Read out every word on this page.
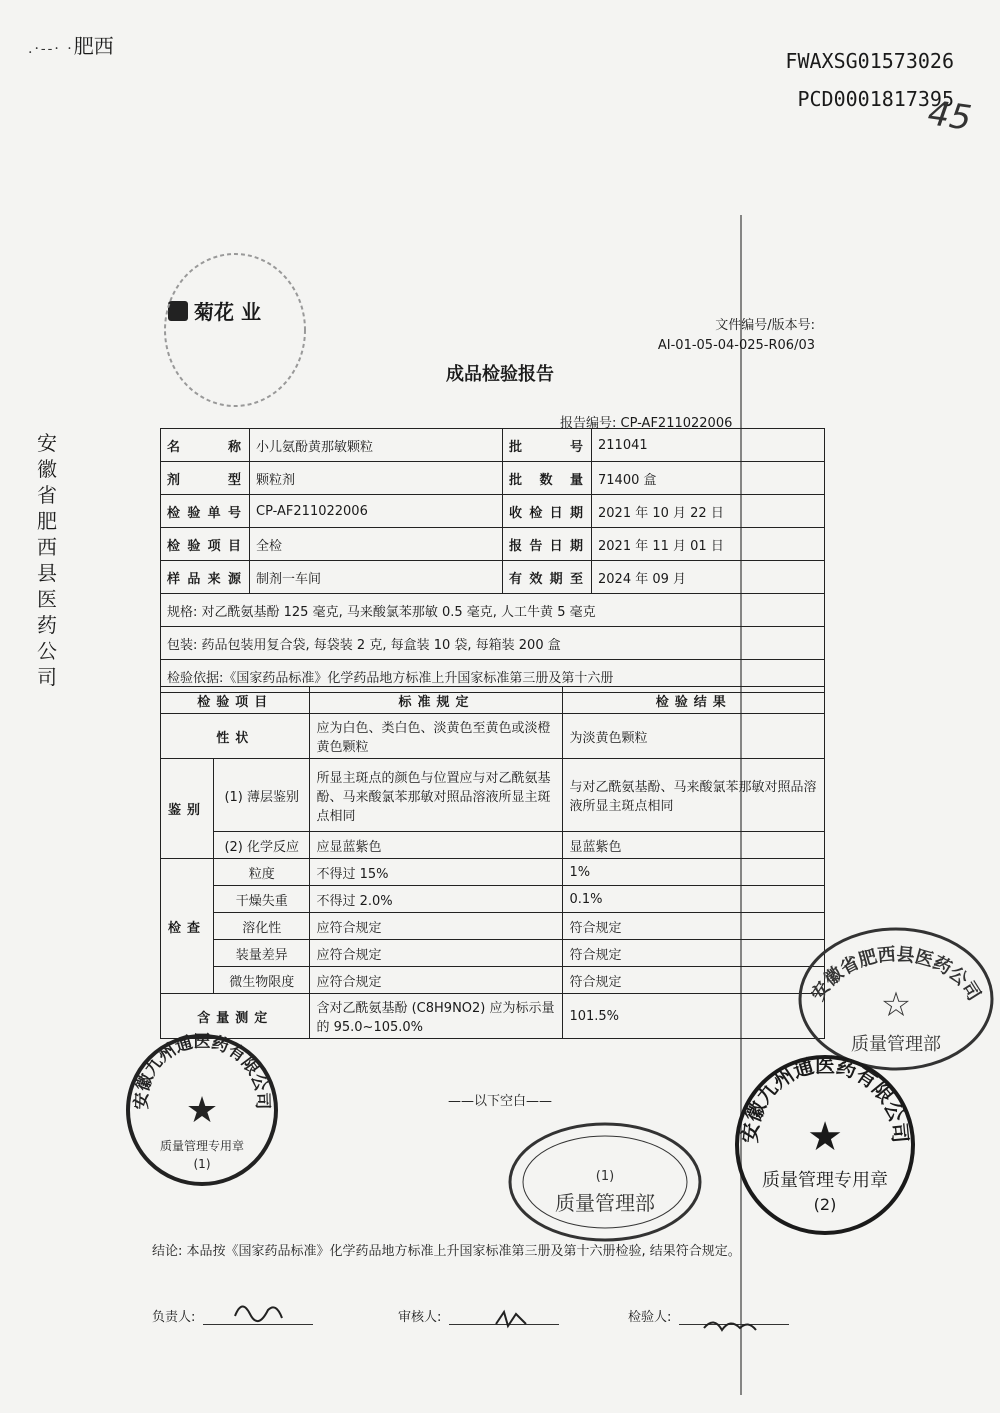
.·--· ·肥西
FWAXSG01573026
PCD0001817395
45
安徽省肥西县医药公司
菊花 业
文件编号/版本号:
AI-01-05-04-025-R06/03
成品检验报告
报告编号: CP-AF211022006
名称	小儿氨酚黄那敏颗粒	批号	211041
剂型	颗粒剂	批数量	71400 盒
检验单号	CP-AF211022006	收检日期	2021 年 10 月 22 日
检验项目	全检	报告日期	2021 年 11 月 01 日
样品来源	制剂一车间	有效期至	2024 年 09 月
规格: 对乙酰氨基酚 125 毫克, 马来酸氯苯那敏 0.5 毫克, 人工牛黄 5 毫克			
包装: 药品包装用复合袋, 每袋装 2 克, 每盒装 10 袋, 每箱装 200 盒			
检验依据:《国家药品标准》化学药品地方标准上升国家标准第三册及第十六册			
检验项目		标准规定	检验结果
性状		应为白色、类白色、淡黄色至黄色或淡橙黄色颗粒	为淡黄色颗粒
鉴别	(1) 薄层鉴别	所显主斑点的颜色与位置应与对乙酰氨基酚、马来酸氯苯那敏对照品溶液所显主斑点相同	与对乙酰氨基酚、马来酸氯苯那敏对照品溶液所显主斑点相同
	(2) 化学反应	应显蓝紫色	显蓝紫色
检查	粒度	不得过 15%	1%
	干燥失重	不得过 2.0%	0.1%
	溶化性	应符合规定	符合规定
	装量差异	应符合规定	符合规定
	微生物限度	应符合规定	符合规定
含量测定		含对乙酰氨基酚 (C8H9NO2) 应为标示量的 95.0~105.0%	101.5%
——以下空白——
结论: 本品按《国家药品标准》化学药品地方标准上升国家标准第三册及第十六册检验, 结果符合规定。
负责人:	审核人:	检验人:
安徽九州通医药有限公司
★
质量管理专用章
(1)
(1)
质量管理部
安徽省肥西县医药公司
☆
质量管理部
安徽九州通医药有限公司
★
质量管理专用章
(2)
